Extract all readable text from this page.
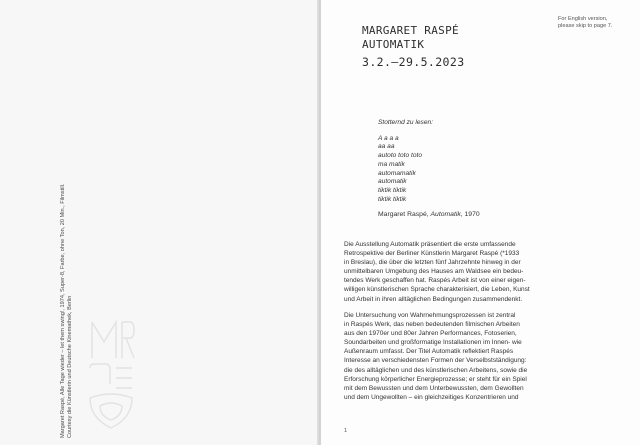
Margaret Raspé, Alle Tage wieder – let them swing!, 1974, Super-8, Farbe, ohne Ton, 20 Min., Filmstill. Courtesy die Künstlerin und Deutsche Kinemathek, Berlin
For English version,
please skip to page 7.
MARGARET RASPÉ
AUTOMATIK
3.2.–29.5.2023
Stotternd zu lesen:
A a a a
aa aa
autoto toto toto
ma matik
automamatik
automatik
tiktik tiktik
tiktik tiktik
Margaret Raspé, Automatik, 1970
Die Ausstellung Automatik präsentiert die erste umfassende
Retrospektive der Berliner Künstlerin Margaret Raspé (*1933
in Breslau), die über die letzten fünf Jahrzehnte hinweg in der
unmittelbaren Umgebung des Hauses am Waldsee ein bedeu-
tendes Werk geschaffen hat. Raspés Arbeit ist von einer eigen-
willigen künstlerischen Sprache charakterisiert, die Leben, Kunst
und Arbeit in ihren alltäglichen Bedingungen zusammendenkt.
Die Untersuchung von Wahrnehmungsprozessen ist zentral
in Raspés Werk, das neben bedeutenden filmischen Arbeiten
aus den 1970er und 80er Jahren Performances, Fotoserien,
Soundarbeiten und großformatige Installationen im Innen- wie
Außenraum umfasst. Der Titel Automatik reflektiert Raspés
Interesse an verschiedensten Formen der Verselbstständigung:
die des alltäglichen und des künstlerischen Arbeitens, sowie die
Erforschung körperlicher Energieprozesse; er steht für ein Spiel
mit dem Bewussten und dem Unterbewussten, dem Gewollten
und dem Ungewollten – ein gleichzeitiges Konzentrieren und
1
